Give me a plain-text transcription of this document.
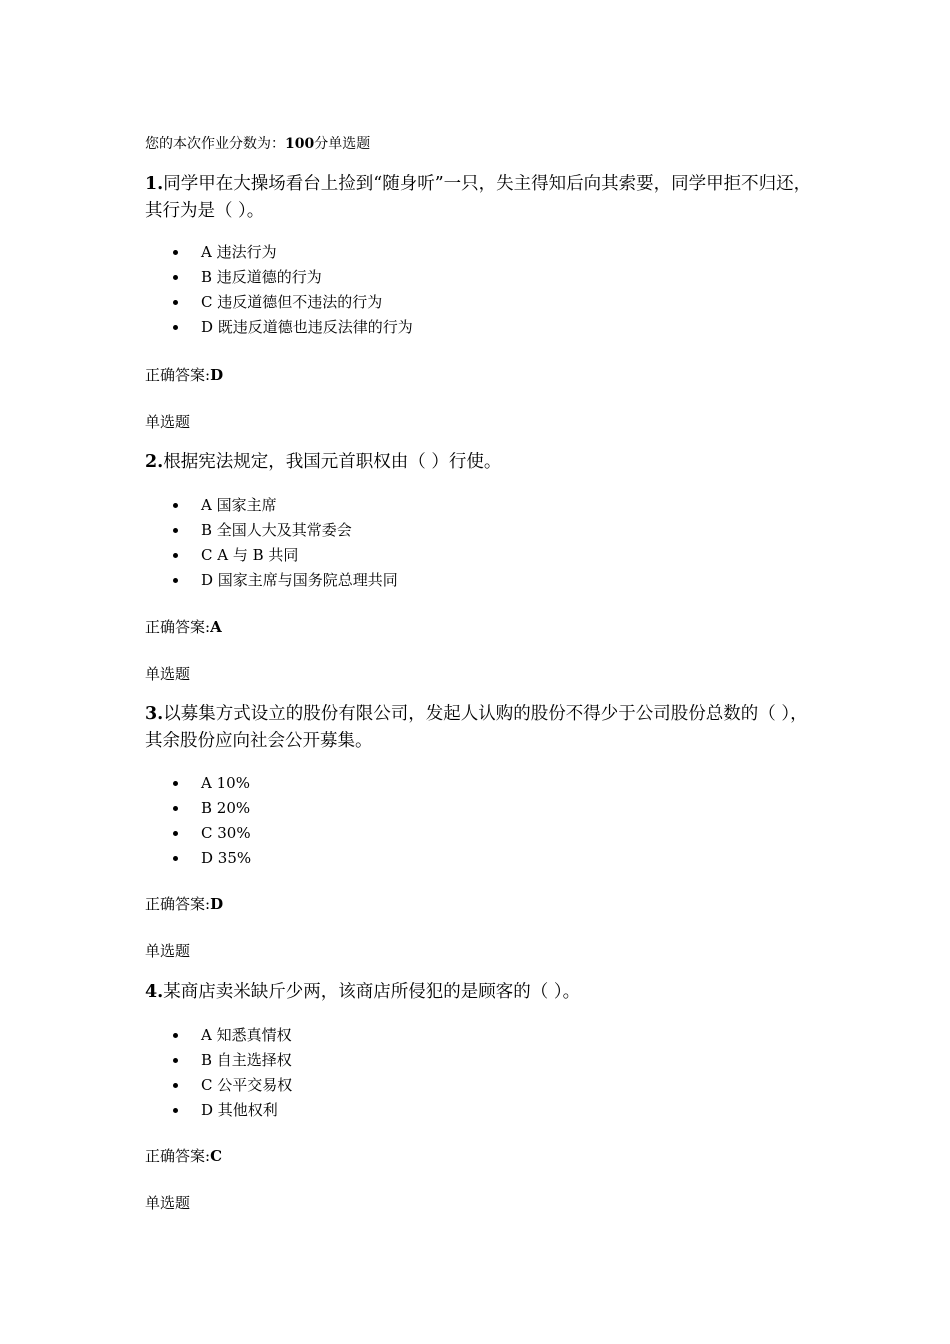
您的本次作业分数为：100分单选题
1.同学甲在大操场看台上捡到“随身听”一只，失主得知后向其索要，同学甲拒不归还，其行为是（ ）。
A 违法行为
B 违反道德的行为
C 违反道德但不违法的行为
D 既违反道德也违反法律的行为
正确答案:D
单选题
2.根据宪法规定，我国元首职权由（ ）行使。
A 国家主席
B 全国人大及其常委会
C A 与 B 共同
D 国家主席与国务院总理共同
正确答案:A
单选题
3.以募集方式设立的股份有限公司，发起人认购的股份不得少于公司股份总数的（ ），其余股份应向社会公开募集。
A 10%
B 20%
C 30%
D 35%
正确答案:D
单选题
4.某商店卖米缺斤少两，该商店所侵犯的是顾客的（ ）。
A 知悉真情权
B 自主选择权
C 公平交易权
D 其他权利
正确答案:C
单选题
